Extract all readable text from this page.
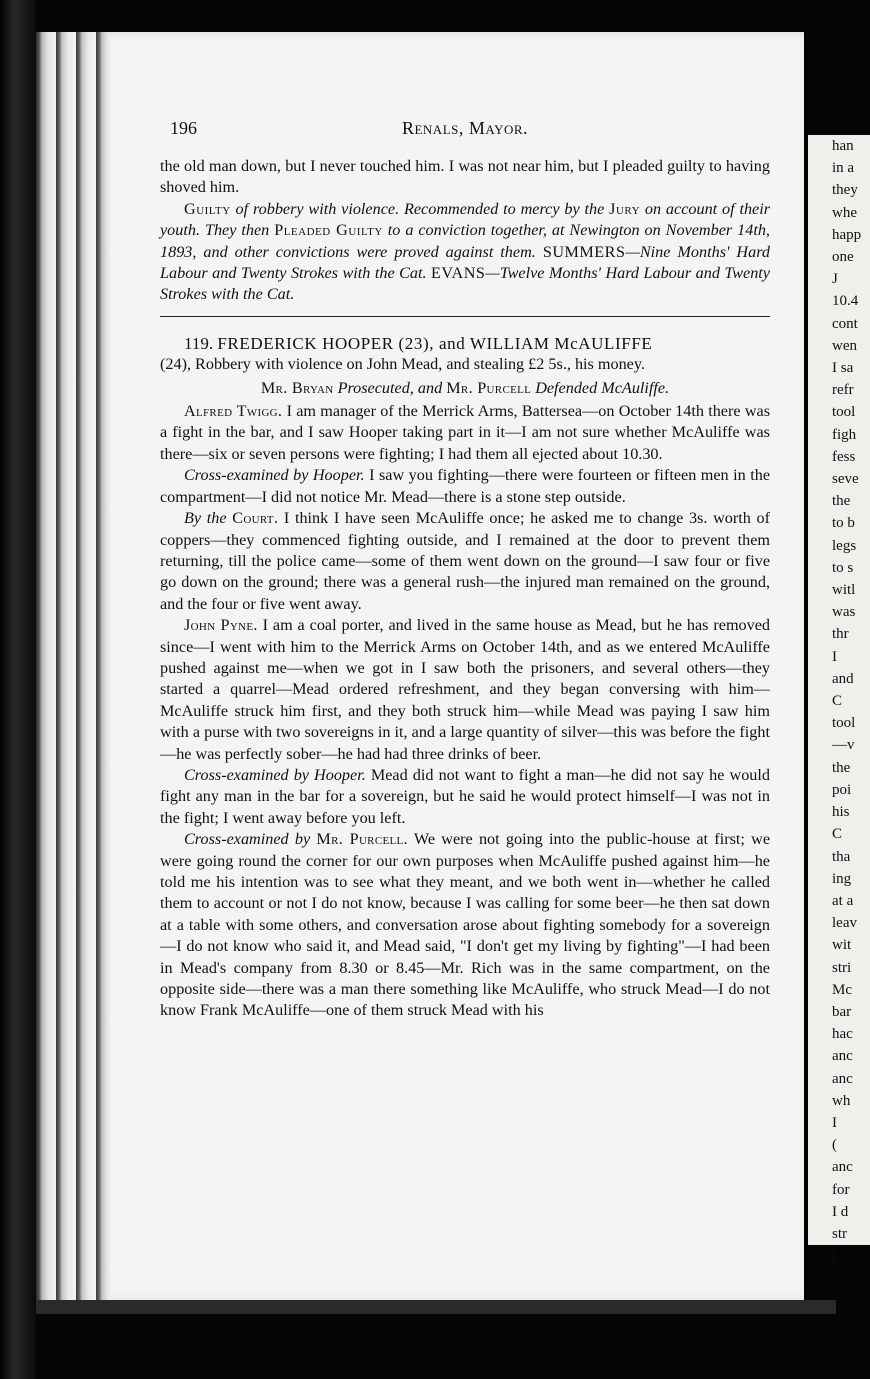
han
in a
they
whe
happ
one
J
10.4
cont
wen
I sa
refr
tool
figh
fess
seve
the
to b
legs
to s
witl
was
thr
I
and
C
tool
—v
the
poi
his
C
tha
ing
at a
leav
wit
stri
Mc
bar
hac
anc
anc
wh
I
(
anc
for
I d
str
(
196	Renals, Mayor.

the old man down, but I never touched him. I was not near him, but I pleaded guilty to having shoved him.

Guilty of robbery with violence. Recommended to mercy by the Jury on account of their youth. They then Pleaded Guilty to a conviction together, at Newington on November 14th, 1893, and other convictions were proved against them. SUMMERS—Nine Months' Hard Labour and Twenty Strokes with the Cat. EVANS—Twelve Months' Hard Labour and Twenty Strokes with the Cat.

119. FREDERICK HOOPER (23), and WILLIAM McAULIFFE

(24), Robbery with violence on John Mead, and stealing £2 5s., his money.

Mr. Bryan Prosecuted, and Mr. Purcell Defended McAuliffe.

Alfred Twigg. I am manager of the Merrick Arms, Battersea—on October 14th there was a fight in the bar, and I saw Hooper taking part in it—I am not sure whether McAuliffe was there—six or seven persons were fighting; I had them all ejected about 10.30.

Cross-examined by Hooper. I saw you fighting—there were fourteen or fifteen men in the compartment—I did not notice Mr. Mead—there is a stone step outside.

By the Court. I think I have seen McAuliffe once; he asked me to change 3s. worth of coppers—they commenced fighting outside, and I remained at the door to prevent them returning, till the police came—some of them went down on the ground—I saw four or five go down on the ground; there was a general rush—the injured man remained on the ground, and the four or five went away.

John Pyne. I am a coal porter, and lived in the same house as Mead, but he has removed since—I went with him to the Merrick Arms on October 14th, and as we entered McAuliffe pushed against me—when we got in I saw both the prisoners, and several others—they started a quarrel—Mead ordered refreshment, and they began conversing with him—McAuliffe struck him first, and they both struck him—while Mead was paying I saw him with a purse with two sovereigns in it, and a large quantity of silver—this was before the fight—he was perfectly sober—he had had three drinks of beer.

Cross-examined by Hooper. Mead did not want to fight a man—he did not say he would fight any man in the bar for a sovereign, but he said he would protect himself—I was not in the fight; I went away before you left.

Cross-examined by Mr. Purcell. We were not going into the public-house at first; we were going round the corner for our own purposes when McAuliffe pushed against him—he told me his intention was to see what they meant, and we both went in—whether he called them to account or not I do not know, because I was calling for some beer—he then sat down at a table with some others, and conversation arose about fighting somebody for a sovereign—I do not know who said it, and Mead said, "I don't get my living by fighting"—I had been in Mead's company from 8.30 or 8.45—Mr. Rich was in the same compartment, on the opposite side—there was a man there something like McAuliffe, who struck Mead—I do not know Frank McAuliffe—one of them struck Mead with his
